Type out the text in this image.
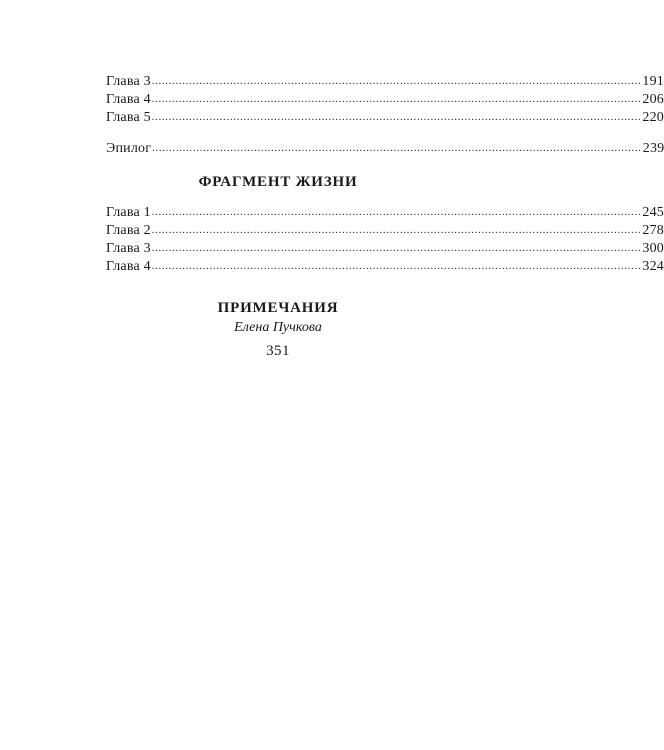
Глава 3 ................................................................................................................................................ 191
Глава 4 ................................................................................................................................................ 206
Глава 5 ................................................................................................................................................ 220
Эпилог ................................................................................................................................................ 239
ФРАГМЕНТ ЖИЗНИ
Глава 1 ................................................................................................................................................ 245
Глава 2 ................................................................................................................................................ 278
Глава 3 ................................................................................................................................................ 300
Глава 4 ................................................................................................................................................ 324
ПРИМЕЧАНИЯ
Елена Пучкова
351
